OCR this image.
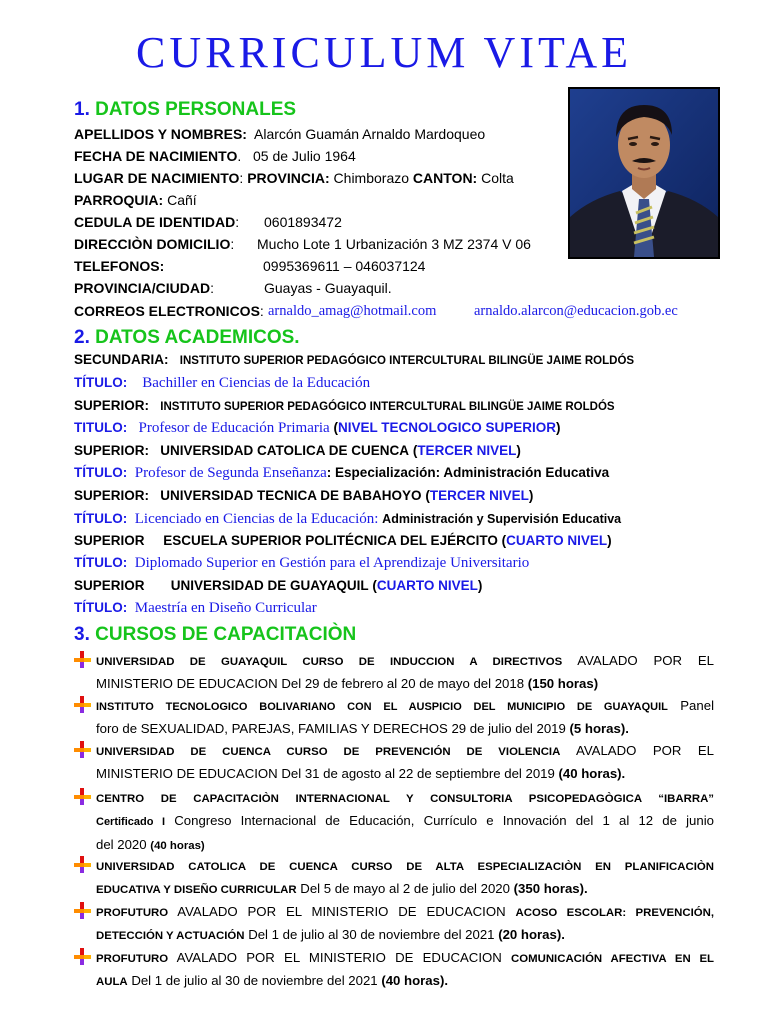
CURRICULUM VITAE
1. DATOS PERSONALES
APELLIDOS Y NOMBRES: Alarcón Guamán Arnaldo Mardoqueo
FECHA DE NACIMIENTO. 05 de Julio 1964
LUGAR DE NACIMIENTO: PROVINCIA: Chimborazo CANTON: Colta
PARROQUIA: Cañí
CEDULA DE IDENTIDAD: 0601893472
DIRECCIÒN DOMICILIO: Mucho Lote 1 Urbanización 3 MZ 2374 V 06
TELEFONOS:	0995369611 – 046037124
PROVINCIA/CIUDAD:	Guayas - Guayaquil.
CORREOS ELECTRONICOS: arnaldo_amag@hotmail.com	arnaldo.alarcon@educacion.gob.ec
2. DATOS ACADEMICOS.
SECUNDARIA: INSTITUTO SUPERIOR PEDAGÓGICO INTERCULTURAL BILINGÜE JAIME ROLDÓS
TÍTULO: Bachiller en Ciencias de la Educación
SUPERIOR: INSTITUTO SUPERIOR PEDAGÓGICO INTERCULTURAL BILINGÜE JAIME ROLDÓS
TITULO: Profesor de Educación Primaria (NIVEL TECNOLOGICO SUPERIOR)
SUPERIOR: UNIVERSIDAD CATOLICA DE CUENCA (TERCER NIVEL)
TÍTULO: Profesor de Segunda Enseñanza: Especialización: Administración Educativa
SUPERIOR: UNIVERSIDAD TECNICA DE BABAHOYO (TERCER NIVEL)
TÍTULO: Licenciado en Ciencias de la Educación: Administración y Supervisión Educativa
SUPERIOR ESCUELA SUPERIOR POLITÉCNICA DEL EJÉRCITO (CUARTO NIVEL)
TÍTULO: Diplomado Superior en Gestión para el Aprendizaje Universitario
SUPERIOR UNIVERSIDAD DE GUAYAQUIL (CUARTO NIVEL)
TÍTULO: Maestría en Diseño Curricular
3. CURSOS DE CAPACITACIÒN
UNIVERSIDAD DE GUAYAQUIL CURSO DE INDUCCION A DIRECTIVOS AVALADO POR EL
MINISTERIO DE EDUCACION Del 29 de febrero al 20 de mayo del 2018 (150 horas)
INSTITUTO TECNOLOGICO BOLIVARIANO CON EL AUSPICIO DEL MUNICIPIO DE GUAYAQUIL Panel
foro de SEXUALIDAD, PAREJAS, FAMILIAS Y DERECHOS 29 de julio del 2019 (5 horas).
UNIVERSIDAD DE CUENCA CURSO DE PREVENCIÓN DE VIOLENCIA AVALADO POR EL
MINISTERIO DE EDUCACION Del 31 de agosto al 22 de septiembre del 2019 (40 horas).
CENTRO DE CAPACITACIÒN INTERNACIONAL Y CONSULTORIA PSICOPEDAGÒGICA “IBARRA”
Certificado I Congreso Internacional de Educación, Currículo e Innovación del 1 al 12 de junio
del 2020 (40 horas)
UNIVERSIDAD CATOLICA DE CUENCA CURSO DE ALTA ESPECIALIZACIÒN EN PLANIFICACIÒN
EDUCATIVA Y DISEÑO CURRICULAR Del 5 de mayo al 2 de julio del 2020 (350 horas).
PROFUTURO AVALADO POR EL MINISTERIO DE EDUCACION ACOSO ESCOLAR: PREVENCIÓN,
DETECCIÓN Y ACTUACIÓN Del 1 de julio al 30 de noviembre del 2021 (20 horas).
PROFUTURO AVALADO POR EL MINISTERIO DE EDUCACION COMUNICACIÓN AFECTIVA EN EL
AULA Del 1 de julio al 30 de noviembre del 2021 (40 horas).
